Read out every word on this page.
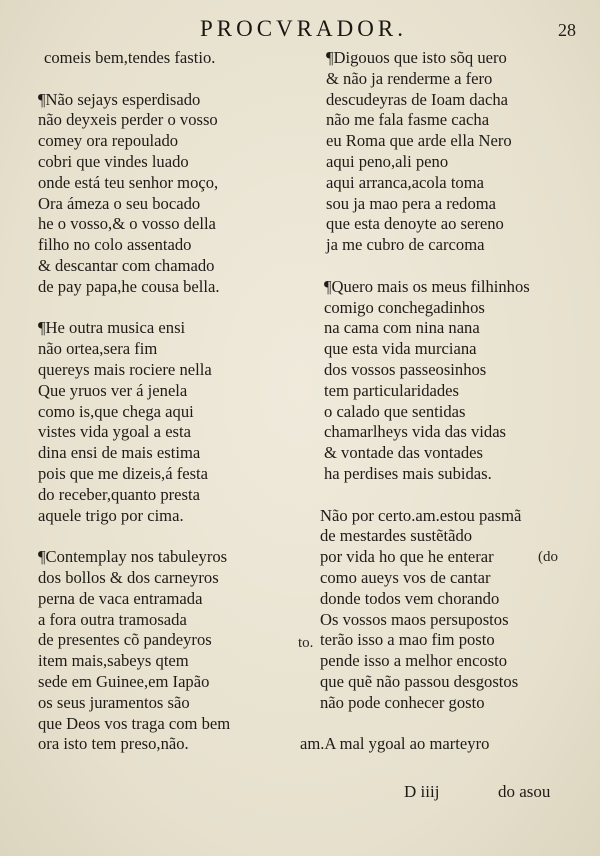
PROCVRADOR.	28
comeis bem,tendes fastio.
¶Não sejays esperdisado
não deyxeis perder o vosso
comey ora repoulado
cobri que vindes luado
onde está teu senhor moço,
Ora ámeza o seu bocado
he o vosso,& o vosso della
filho no colo assentado
& descantar com chamado
de pay papa,he cousa bella.
¶He outra musica ensi
não ortea,sera fim
quereys mais rociere nella
Que yruos ver á jenela
como is,que chega aqui
vistes vida ygoal a esta
dina ensi de mais estima
pois que me dizeis,á festa
do receber,quanto presta
aquele trigo por cima.
¶Contemplay nos tabuleyros
dos bollos & dos carneyros
perna de vaca entramada
a fora outra tramosada
de presentes cõ pandeyros
item mais,sabeys qtem
sede em Guinee,em Iapão
os seus juramentos são
que Deos vos traga com bem
ora isto tem preso,não.
¶Digouos que isto sõq uero
& não ja renderme a fero
descudeyras de Ioam dacha
não me fala fasme cacha
eu Roma que arde ella Nero
aqui peno,ali peno
aqui arranca,acola toma
sou ja mao pera a redoma
que esta denoyte ao sereno
ja me cubro de carcoma
¶Quero mais os meus filhinhos
comigo conchegadinhos
na cama com nina nana
que esta vida murciana
dos vossos passeosinhos
tem particularidades
o calado que sentidas
chamarlheys vida das vidas
& vontade das vontades
ha perdises mais subidas.
Não por certo.am.estou pasmã
de mestardes sustẽtãdo
por vida ho que he enterar
como aueys vos de cantar
donde todos vem chorando
Os vossos maos persupostos
terão isso a mao fim posto
pende isso a melhor encosto
que quẽ não passou desgostos
não pode conhecer gosto
am.A mal ygoal ao marteyro
(do
to.
D iiij	do asou
